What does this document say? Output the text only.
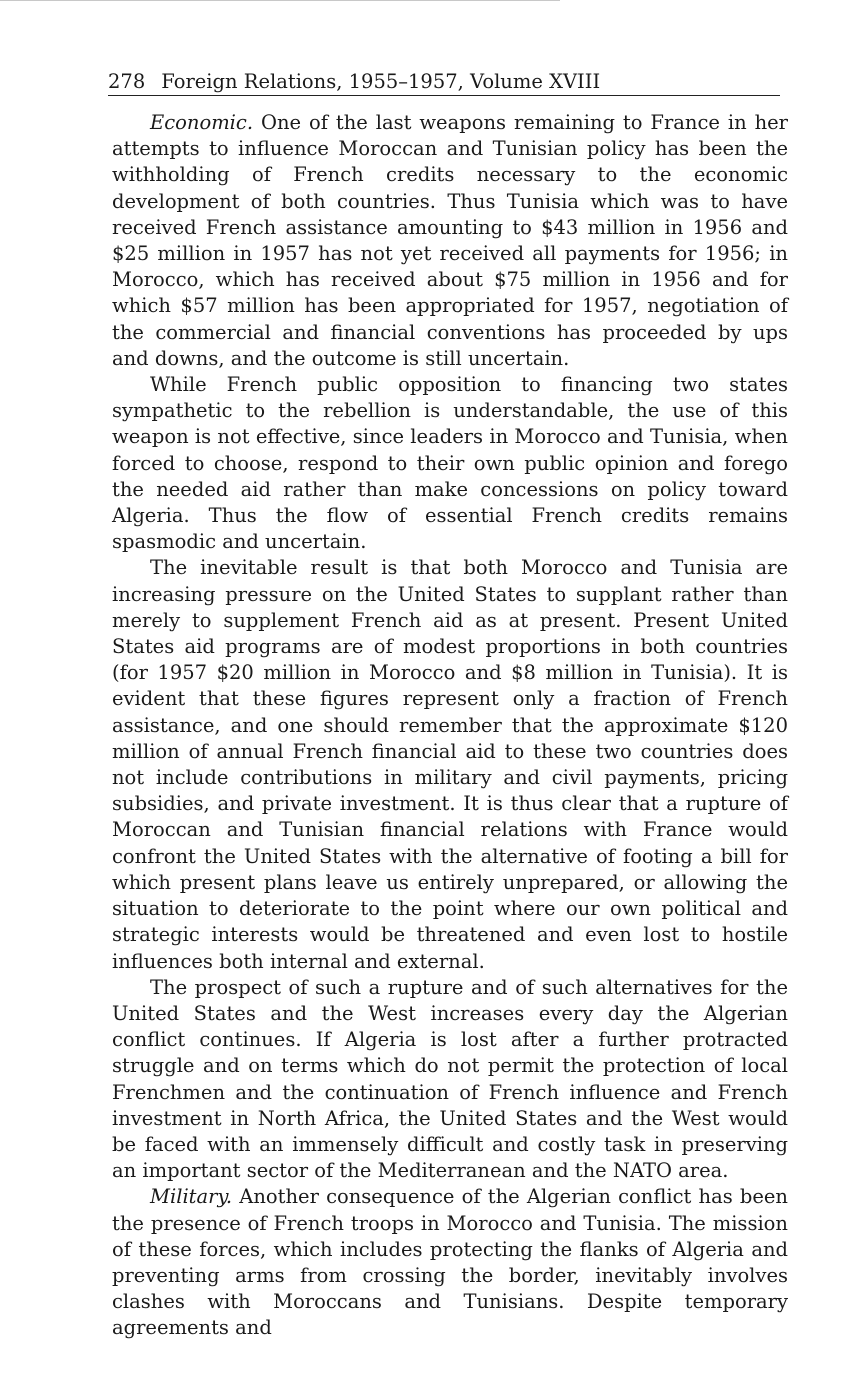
278 Foreign Relations, 1955–1957, Volume XVIII

Economic. One of the last weapons remaining to France in her attempts to influence Moroccan and Tunisian policy has been the withholding of French credits necessary to the economic development of both countries. Thus Tunisia which was to have received French assistance amounting to $43 million in 1956 and $25 million in 1957 has not yet received all payments for 1956; in Morocco, which has received about $75 million in 1956 and for which $57 million has been appropriated for 1957, negotiation of the commercial and financial conventions has proceeded by ups and downs, and the outcome is still uncertain.

While French public opposition to financing two states sympathetic to the rebellion is understandable, the use of this weapon is not effective, since leaders in Morocco and Tunisia, when forced to choose, respond to their own public opinion and forego the needed aid rather than make concessions on policy toward Algeria. Thus the flow of essential French credits remains spasmodic and uncertain.

The inevitable result is that both Morocco and Tunisia are increasing pressure on the United States to supplant rather than merely to supplement French aid as at present. Present United States aid programs are of modest proportions in both countries (for 1957 $20 million in Morocco and $8 million in Tunisia). It is evident that these figures represent only a fraction of French assistance, and one should remember that the approximate $120 million of annual French financial aid to these two countries does not include contributions in military and civil payments, pricing subsidies, and private investment. It is thus clear that a rupture of Moroccan and Tunisian financial relations with France would confront the United States with the alternative of footing a bill for which present plans leave us entirely unprepared, or allowing the situation to deteriorate to the point where our own political and strategic interests would be threatened and even lost to hostile influences both internal and external.

The prospect of such a rupture and of such alternatives for the United States and the West increases every day the Algerian conflict continues. If Algeria is lost after a further protracted struggle and on terms which do not permit the protection of local Frenchmen and the continuation of French influence and French investment in North Africa, the United States and the West would be faced with an immensely difficult and costly task in preserving an important sector of the Mediterranean and the NATO area.

Military. Another consequence of the Algerian conflict has been the presence of French troops in Morocco and Tunisia. The mission of these forces, which includes protecting the flanks of Algeria and preventing arms from crossing the border, inevitably involves clashes with Moroccans and Tunisians. Despite temporary agreements and
